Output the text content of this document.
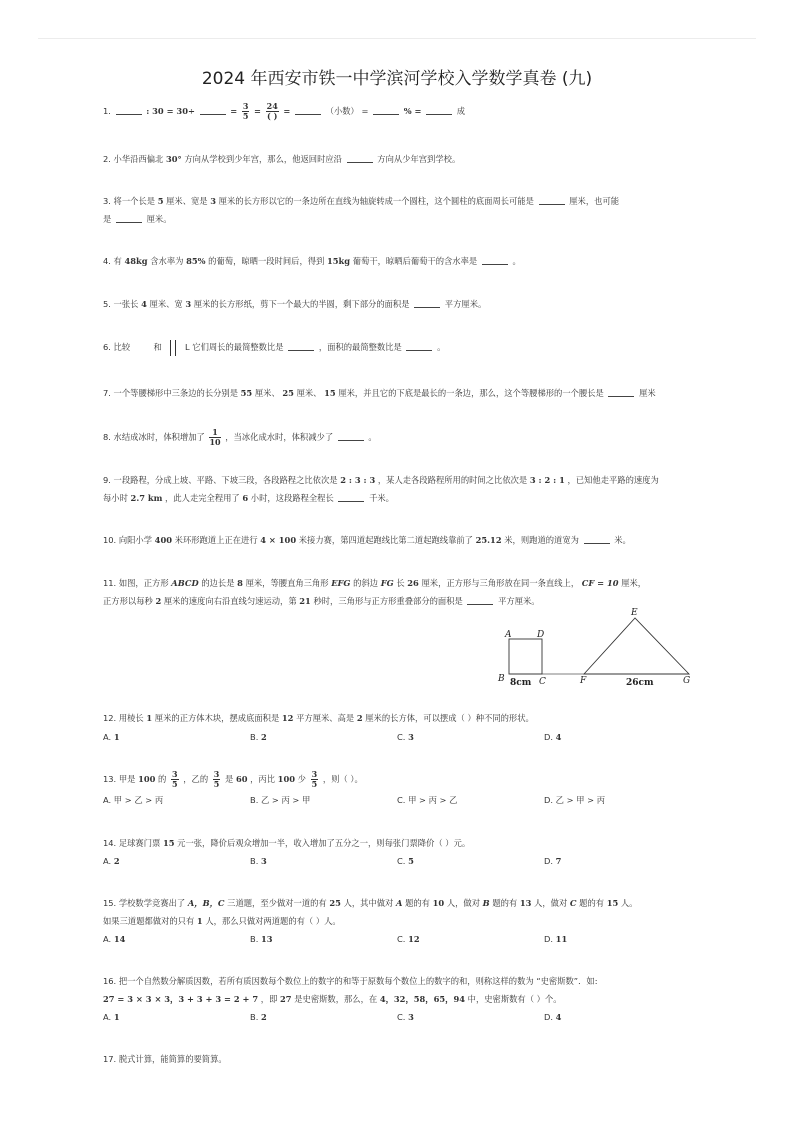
2024 年西安市铁一中学滨河学校入学数学真卷 (九)
1.	: 30 = 30÷	= $\frac{3}{5} = \frac{24}{( )}$ =	（小数） =	% =	成
2. 小华沿西偏北 30° 方向从学校到少年宫，那么，他返回时应沿	方向从少年宫到学校。
3. 将一个长是 5 厘米、宽是 3 厘米的长方形以它的一条边所在直线为轴旋转成一个圆柱，这个圆柱的底面周长可能是	厘米，也可能
是	厘米。
4. 有 48kg 含水率为 85% 的葡萄，晾晒一段时间后，得到 15kg 葡萄干，晾晒后葡萄干的含水率是	。
5. 一张长 4 厘米、宽 3 厘米的长方形纸，剪下一个最大的半圆，剩下部分的面积是	平方厘米。
6. 比较	和	L 它们周长的最简整数比是	，面积的最简整数比是	。
7. 一个等腰梯形中三条边的长分别是 55 厘米、 25 厘米、 15 厘米，并且它的下底是最长的一条边，那么，这个等腰梯形的一个腰长是	厘米
8. 水结成冰时，体积增加了 $\frac{1}{10}$ ，当冰化成水时，体积减少了	。
9. 一段路程，分成上坡、平路、下坡三段，各段路程之比依次是 2 : 3 : 3 ，某人走各段路程所用的时间之比依次是 3 : 2 : 1 ，已知他走平路的速度为
每小时 2.7 km ，此人走完全程用了 6 小时，这段路程全程长	千米。
10. 向阳小学 400 米环形跑道上正在进行 4 × 100 米接力赛，第四道起跑线比第二道起跑线靠前了 25.12 米，则跑道的道宽为	米。
11. 如图，正方形 ABCD 的边长是 8 厘米，等腰直角三角形 EFG 的斜边 FG 长 26 厘米，正方形与三角形放在同一条直线上， CF = 10 厘米，
正方形以每秒 2 厘米的速度向右沿直线匀速运动，第 21 秒时，三角形与正方形重叠部分的面积是	平方厘米。
A	D
B	C	F	G
E
8cm	26cm
12. 用棱长 1 厘米的正方体木块，摆成底面积是 12 平方厘米、高是 2 厘米的长方体，可以摆成（ ）种不同的形状。
A. 1	B. 2	C. 3	D. 4
13. 甲是 100 的 $\frac{3}{5}$ ，乙的 $\frac{3}{5}$ 是 60 ，丙比 100 少 $\frac{3}{5}$ ，则（ ）。
A. 甲 > 乙 > 丙	B. 乙 > 丙 > 甲	C. 甲 > 丙 > 乙	D. 乙 > 甲 > 丙
14. 足球赛门票 15 元一张，降价后观众增加一半，收入增加了五分之一，则每张门票降价（ ）元。
A. 2	B. 3	C. 5	D. 7
15. 学校数学竞赛出了 A，B，C 三道题，至少做对一道的有 25 人，其中做对 A 题的有 10 人，做对 B 题的有 13 人，做对 C 题的有 15 人。
如果三道题都做对的只有 1 人，那么只做对两道题的有（ ）人。
A. 14	B. 13	C. 12	D. 11
16. 把一个自然数分解质因数，若所有质因数每个数位上的数字的和等于原数每个数位上的数字的和，则称这样的数为 “史密斯数”．如:
27 = 3 × 3 × 3，3 + 3 + 3 = 2 + 7 ，即 27 是史密斯数，那么，在 4，32，58，65，94 中，史密斯数有（ ）个。
A. 1	B. 2	C. 3	D. 4
17. 脱式计算，能简算的要简算。
